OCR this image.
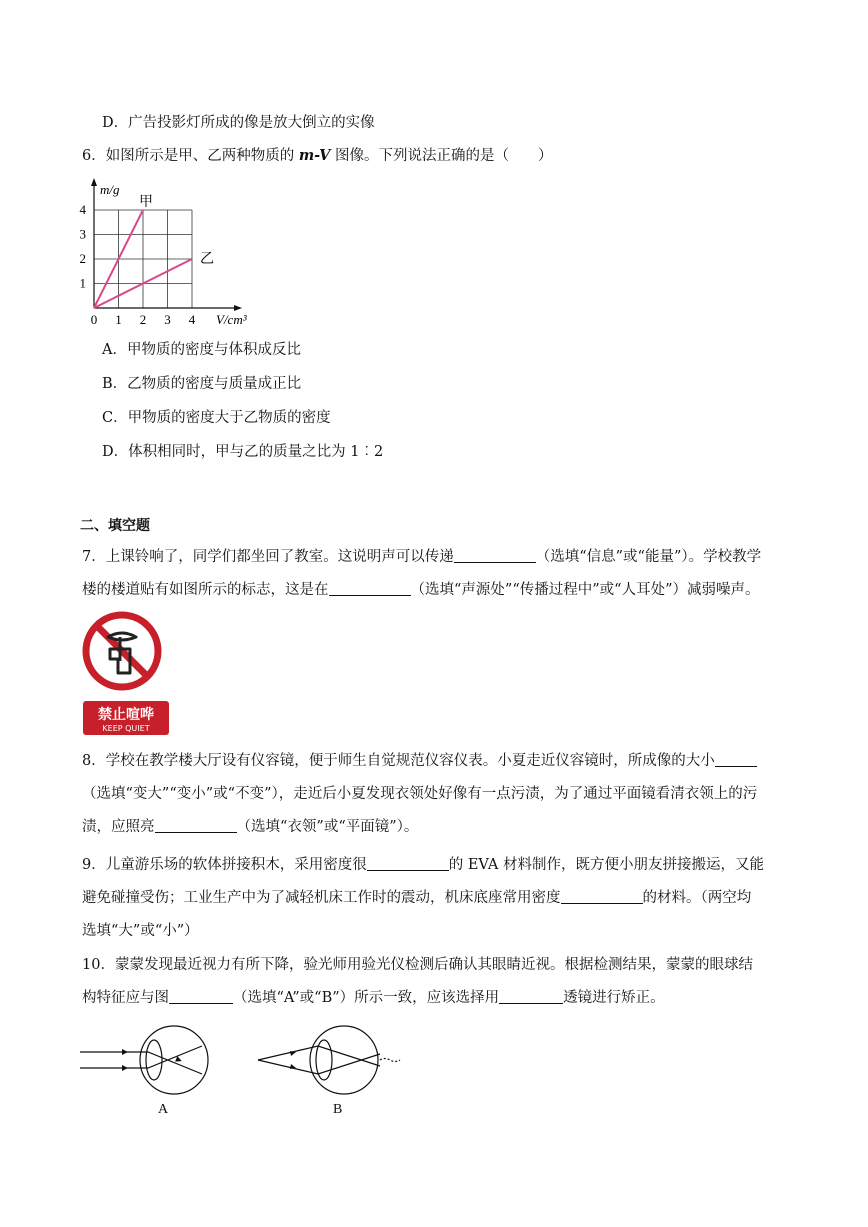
D．广告投影灯所成的像是放大倒立的实像
6．如图所示是甲、乙两种物质的 m-V 图像。下列说法正确的是（　　）
0 1 2 3 4
1
2
3
4
V/cm³
m/g
甲
乙
A．甲物质的密度与体积成反比
B．乙物质的密度与质量成正比
C．甲物质的密度大于乙物质的密度
D．体积相同时，甲与乙的质量之比为 1︰2
二、填空题
7．上课铃响了，同学们都坐回了教室。这说明声可以传递	（选填“信息”或“能量”）。学校教学
楼的楼道贴有如图所示的标志，这是在	（选填“声源处”“传播过程中”或“人耳处”）减弱噪声。
禁止喧哗
KEEP QUIET
8．学校在教学楼大厅设有仪容镜，便于师生自觉规范仪容仪表。小夏走近仪容镜时，所成像的大小
（选填“变大”“变小”或“不变”），走近后小夏发现衣领处好像有一点污渍，为了通过平面镜看清衣领上的污
渍，应照亮	（选填“衣领”或“平面镜”）。
9．儿童游乐场的软体拼接积木，采用密度很	的 EVA 材料制作，既方便小朋友拼接搬运，又能
避免碰撞受伤；工业生产中为了减轻机床工作时的震动，机床底座常用密度	的材料。（两空均
选填“大”或“小”）
10．蒙蒙发现最近视力有所下降，验光师用验光仪检测后确认其眼睛近视。根据检测结果，蒙蒙的眼球结
构特征应与图	（选填“A”或“B”）所示一致，应该选择用	透镜进行矫正。
A	B
